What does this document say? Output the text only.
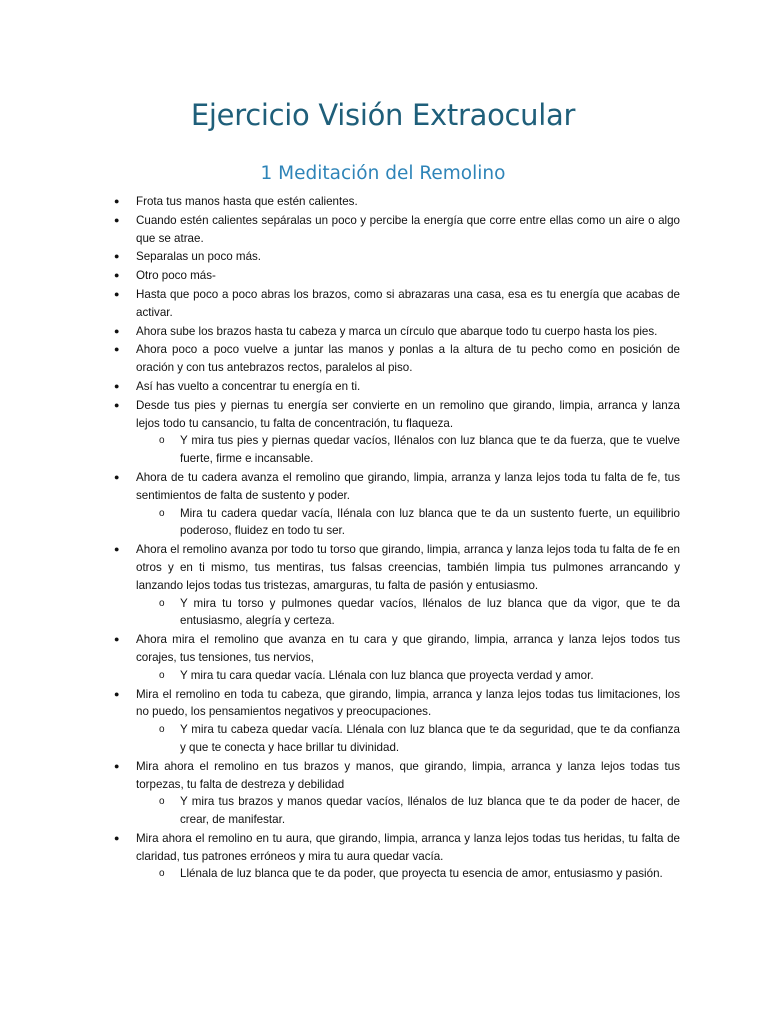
Ejercicio Visión Extraocular
1 Meditación del Remolino
● Frota tus manos hasta que estén calientes.
● Cuando estén calientes sepáralas un poco y percibe la energía que corre entre ellas como un aire o algo que se atrae.
● Separalas un poco más.
● Otro poco más-
● Hasta que poco a poco abras los brazos, como si abrazaras una casa, esa es tu energía que acabas de activar.
● Ahora sube los brazos hasta tu cabeza y marca un círculo que abarque todo tu cuerpo hasta los pies.
● Ahora poco a poco vuelve a juntar las manos y ponlas a la altura de tu pecho como en posición de oración y con tus antebrazos rectos, paralelos al piso.
● Así has vuelto a concentrar tu energía en ti.
● Desde tus pies y piernas tu energía ser convierte en un remolino que girando, limpia, arranca y lanza lejos todo tu cansancio, tu falta de concentración, tu flaqueza.
o Y mira tus pies y piernas quedar vacíos, lIénalos con luz blanca que te da fuerza, que te vuelve fuerte, firme e incansable.
● Ahora de tu cadera avanza el remolino que girando, limpia, arranza y lanza lejos toda tu falta de fe, tus sentimientos de falta de sustento y poder.
o Mira tu cadera quedar vacía, lIénala con luz blanca que te da un sustento fuerte, un equilibrio poderoso, fluidez en todo tu ser.
● Ahora el remolino avanza por todo tu torso que girando, limpia, arranca y lanza lejos toda tu falta de fe en otros y en ti mismo, tus mentiras, tus falsas creencias, también limpia tus pulmones arrancando y lanzando lejos todas tus tristezas, amarguras, tu falta de pasión y entusiasmo.
o Y mira tu torso y pulmones quedar vacíos, llénalos de luz blanca que da vigor, que te da entusiasmo, alegría y certeza.
● Ahora mira el remolino que avanza en tu cara y que girando, limpia, arranca y lanza lejos todos tus corajes, tus tensiones, tus nervios,
o Y mira tu cara quedar vacía. Llénala con luz blanca que proyecta verdad y amor.
● Mira el remolino en toda tu cabeza, que girando, limpia, arranca y lanza lejos todas tus limitaciones, los no puedo, los pensamientos negativos y preocupaciones.
o Y mira tu cabeza quedar vacía. Llénala con luz blanca que te da seguridad, que te da confianza y que te conecta y hace brillar tu divinidad.
● Mira ahora el remolino en tus brazos y manos, que girando, limpia, arranca y lanza lejos todas tus torpezas, tu falta de destreza y debilidad
o Y mira tus brazos y manos quedar vacíos, llénalos de luz blanca que te da poder de hacer, de crear, de manifestar.
● Mira ahora el remolino en tu aura, que girando, limpia, arranca y lanza lejos todas tus heridas, tu falta de claridad, tus patrones erróneos y mira tu aura quedar vacía.
o Llénala de luz blanca que te da poder, que proyecta tu esencia de amor, entusiasmo y pasión.
